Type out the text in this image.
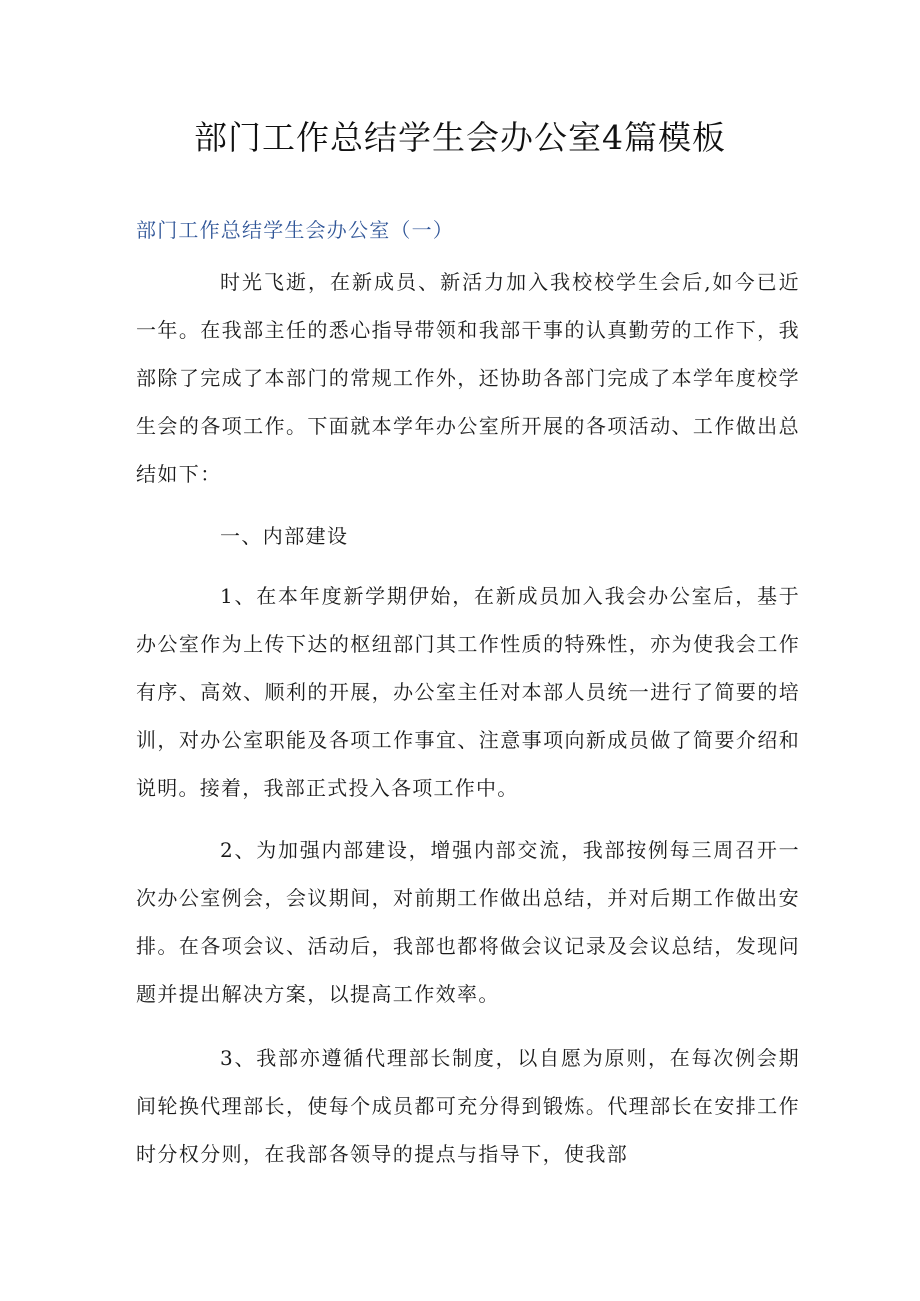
部门工作总结学生会办公室4篇模板
部门工作总结学生会办公室（一）

时光飞逝，在新成员、新活力加入我校校学生会后,如今已近一年。在我部主任的悉心指导带领和我部干事的认真勤劳的工作下，我部除了完成了本部门的常规工作外，还协助各部门完成了本学年度校学生会的各项工作。下面就本学年办公室所开展的各项活动、工作做出总结如下：

一、内部建设

1、在本年度新学期伊始，在新成员加入我会办公室后，基于办公室作为上传下达的枢纽部门其工作性质的特殊性，亦为使我会工作有序、高效、顺利的开展，办公室主任对本部人员统一进行了简要的培训，对办公室职能及各项工作事宜、注意事项向新成员做了简要介绍和说明。接着，我部正式投入各项工作中。

2、为加强内部建设，增强内部交流，我部按例每三周召开一次办公室例会，会议期间，对前期工作做出总结，并对后期工作做出安排。在各项会议、活动后，我部也都将做会议记录及会议总结，发现问题并提出解决方案，以提高工作效率。

3、我部亦遵循代理部长制度，以自愿为原则，在每次例会期间轮换代理部长，使每个成员都可充分得到锻炼。代理部长在安排工作时分权分则，在我部各领导的提点与指导下，使我部
